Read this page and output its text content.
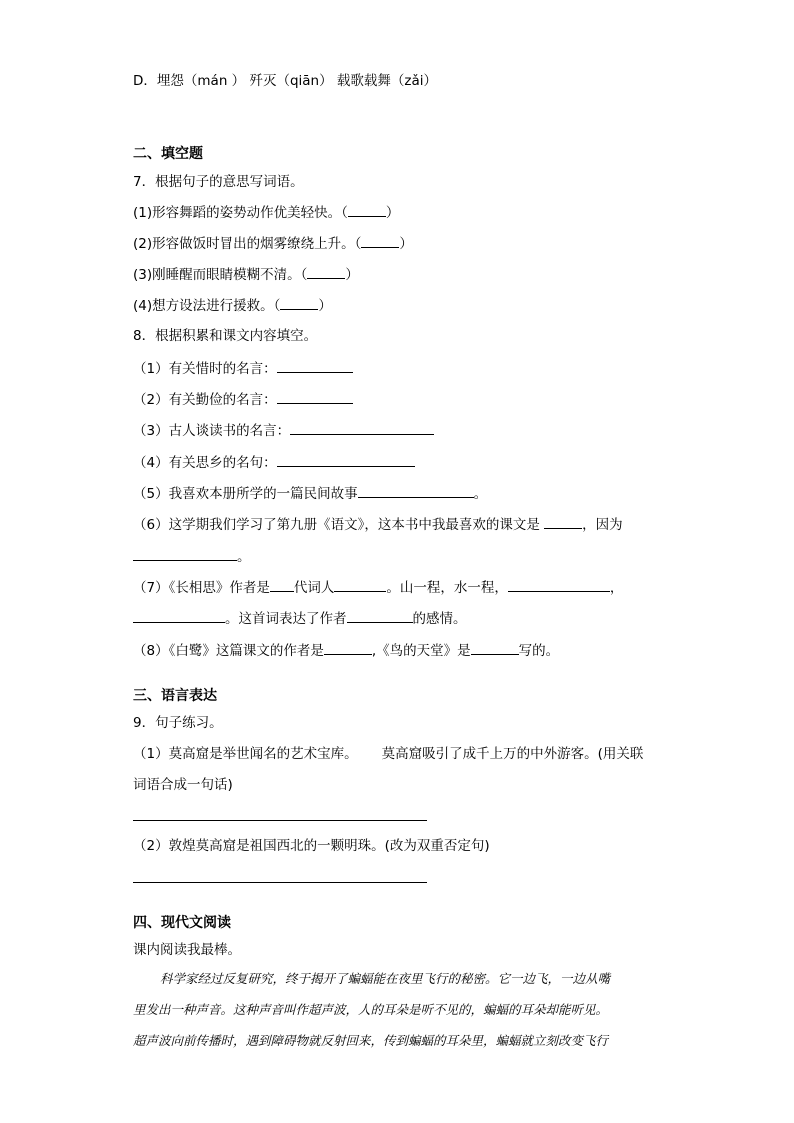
D．埋怨（mán ） 歼灭（qiān） 载歌载舞（zǎi）
二、填空题
7．根据句子的意思写词语。
(1)形容舞蹈的姿势动作优美轻快。（	）
(2)形容做饭时冒出的烟雾缭绕上升。（	）
(3)刚睡醒而眼睛模糊不清。（	）
(4)想方设法进行援救。（	）
8．根据积累和课文内容填空。
（1）有关惜时的名言：
（2）有关勤俭的名言：
（3）古人谈读书的名言：
（4）有关思乡的名句：
（5）我喜欢本册所学的一篇民间故事	。
（6）这学期我们学习了第九册《语文》，这本书中我最喜欢的课文是	，因为
。
（7）《长相思》作者是 代词人	。山一程，水一程，	，
。这首词表达了作者	的感情。
（8）《白鹭》这篇课文的作者是	,《鸟的天堂》是	写的。
三、语言表达
9．句子练习。
（1）莫高窟是举世闻名的艺术宝库。 莫高窟吸引了成千上万的中外游客。(用关联
词语合成一句话)
（2）敦煌莫高窟是祖国西北的一颗明珠。(改为双重否定句)
四、现代文阅读
课内阅读我最棒。
科学家经过反复研究，终于揭开了蝙蝠能在夜里飞行的秘密。它一边飞，一边从嘴
里发出一种声音。这种声音叫作超声波，人的耳朵是听不见的，蝙蝠的耳朵却能听见。
超声波向前传播时，遇到障碍物就反射回来，传到蝙蝠的耳朵里，蝙蝠就立刻改变飞行
